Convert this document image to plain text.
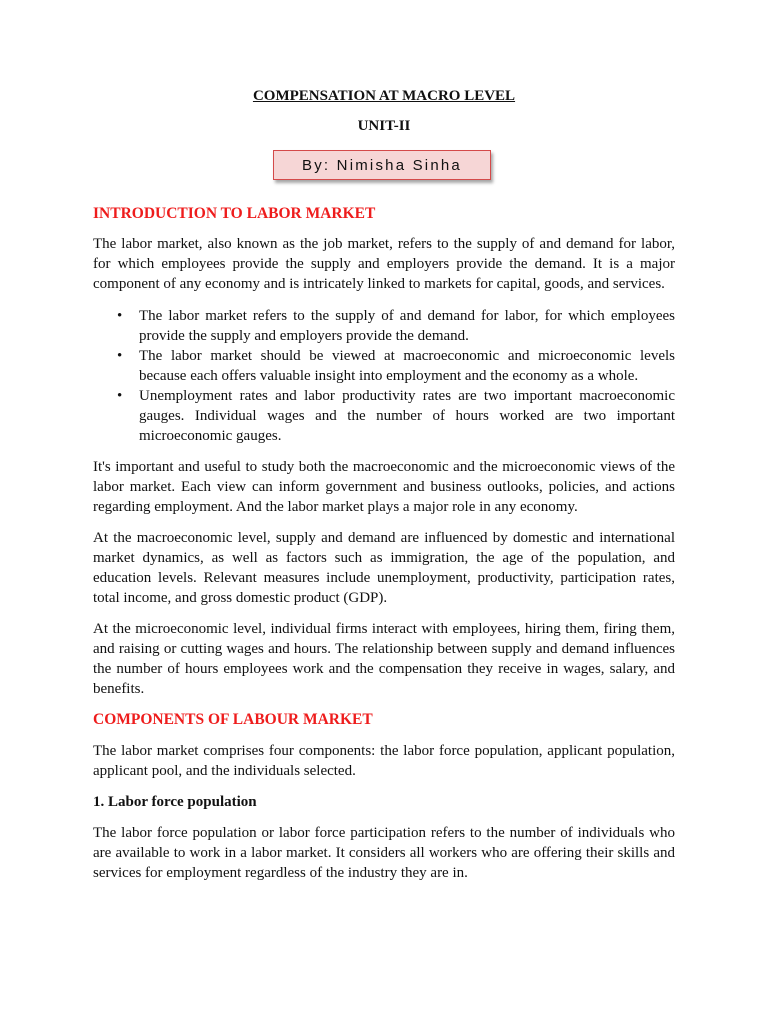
COMPENSATION AT MACRO LEVEL

UNIT-II

By: Nimisha Sinha

INTRODUCTION TO LABOR MARKET

The labor market, also known as the job market, refers to the supply of and demand for labor, for which employees provide the supply and employers provide the demand. It is a major component of any economy and is intricately linked to markets for capital, goods, and services.

• The labor market refers to the supply of and demand for labor, for which employees provide the supply and employers provide the demand.
• The labor market should be viewed at macroeconomic and microeconomic levels because each offers valuable insight into employment and the economy as a whole.
• Unemployment rates and labor productivity rates are two important macroeconomic gauges. Individual wages and the number of hours worked are two important microeconomic gauges.

It's important and useful to study both the macroeconomic and the microeconomic views of the labor market. Each view can inform government and business outlooks, policies, and actions regarding employment. And the labor market plays a major role in any economy.

At the macroeconomic level, supply and demand are influenced by domestic and international market dynamics, as well as factors such as immigration, the age of the population, and education levels. Relevant measures include unemployment, productivity, participation rates, total income, and gross domestic product (GDP).

At the microeconomic level, individual firms interact with employees, hiring them, firing them, and raising or cutting wages and hours. The relationship between supply and demand influences the number of hours employees work and the compensation they receive in wages, salary, and benefits.

COMPONENTS OF LABOUR MARKET

The labor market comprises four components: the labor force population, applicant population, applicant pool, and the individuals selected.

1. Labor force population

The labor force population or labor force participation refers to the number of individuals who are available to work in a labor market. It considers all workers who are offering their skills and services for employment regardless of the industry they are in.
